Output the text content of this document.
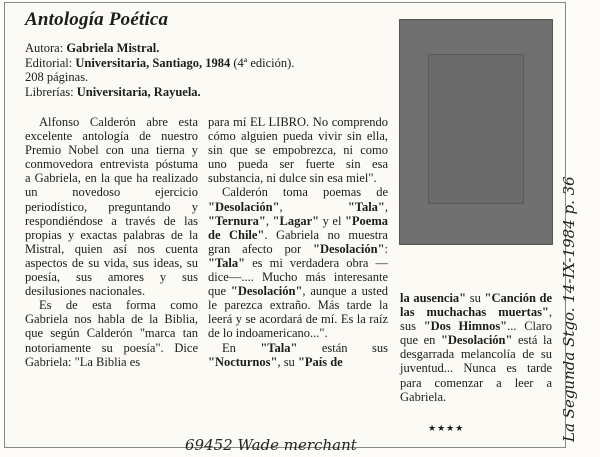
Antología Poética
Autora: Gabriela Mistral.
Editorial: Universitaria, Santiago, 1984 (4ª edición).
208 páginas.
Librerías: Universitaria, Rayuela.

Alfonso Calderón abre esta excelente antología de nuestro Premio Nobel con una tierna y conmovedora entrevista póstuma a Gabriela, en la que ha realizado un novedoso ejercicio periodístico, preguntando y respondiéndose a través de las propias y exactas palabras de la Mistral, quien así nos cuenta aspectos de su vida, sus ideas, su poesía, sus amores y sus desilusiones nacionales.

Es de esta forma como Gabriela nos habla de la Biblia, que según Calderón "marca tan notoriamente su poesía". Dice Gabriela: "La Biblia es

para mí EL LIBRO. No comprendo cómo alguien pueda vivir sin ella, sin que se empobrezca, ni como uno pueda ser fuerte sin esa substancia, ni dulce sin esa miel".

Calderón toma poemas de "Desolación",	"Tala", "Ternura", "Lagar" y el "Poema de Chile". Gabriela no muestra gran afecto por "Desolación": "Tala" es mi verdadera obra —dice—.... Mucho más interesante que "Desolación", aunque a usted le parezca extraño. Más tarde la leerá y se acordará de mí. Es la raíz de lo indoamericano...".

En "Tala" están sus "Nocturnos", su "País de

la ausencia" su "Canción de las muchachas muertas", sus "Dos Himnos"... Claro que en "Desolación" está la desgarrada melancolía de su juventud... Nunca es tarde para comenzar a leer a Gabriela.

★★★★	La Segunda Stgo. 14-IX-1984 p. 36
69452 Wade merchant
